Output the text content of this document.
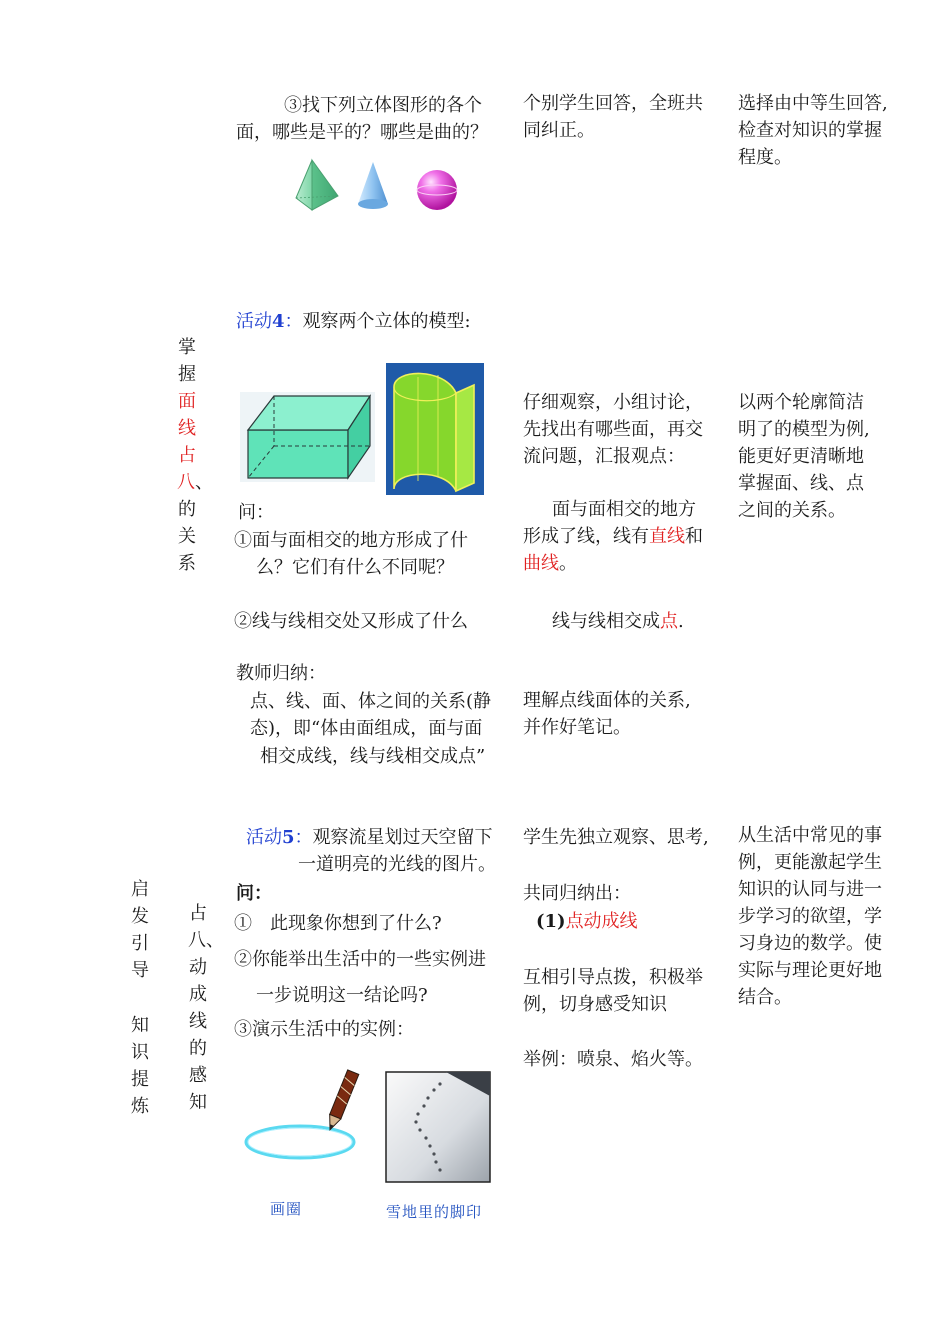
启发引导
知识提炼
掌握面线占八、的关系
占八、动成线的感知
③找下列立体图形的各个
面，哪些是平的？哪些是曲的？
活动4：观察两个立体的模型:
问：
①面与面相交的地方形成了什
么？它们有什么不同呢？
②线与线相交处又形成了什么
教师归纳：
点、线、面、体之间的关系(静
态)，即“体由面组成，面与面
相交成线，线与线相交成点”
活动5：观察流星划过天空留下
一道明亮的光线的图片。
问：
①　此现象你想到了什么?
②你能举出生活中的一些实例进
一步说明这一结论吗?
③演示生活中的实例：
画圈	雪地里的脚印
个别学生回答，全班共
同纠正。
仔细观察，小组讨论，
先找出有哪些面，再交
流问题，汇报观点：
面与面相交的地方
形成了线，线有直线和
曲线。
线与线相交成点.
理解点线面体的关系,
并作好笔记。
学生先独立观察、思考,
共同归纳出：
(1)点动成线
互相引导点拨，积极举
例，切身感受知识
举例：喷泉、焰火等。
选择由中等生回答,
检查对知识的掌握
程度。
以两个轮廓简洁
明了的模型为例,
能更好更清晰地
掌握面、线、点
之间的关系。
从生活中常见的事
例，更能激起学生
知识的认同与进一
步学习的欲望，学
习身边的数学。使
实际与理论更好地
结合。
